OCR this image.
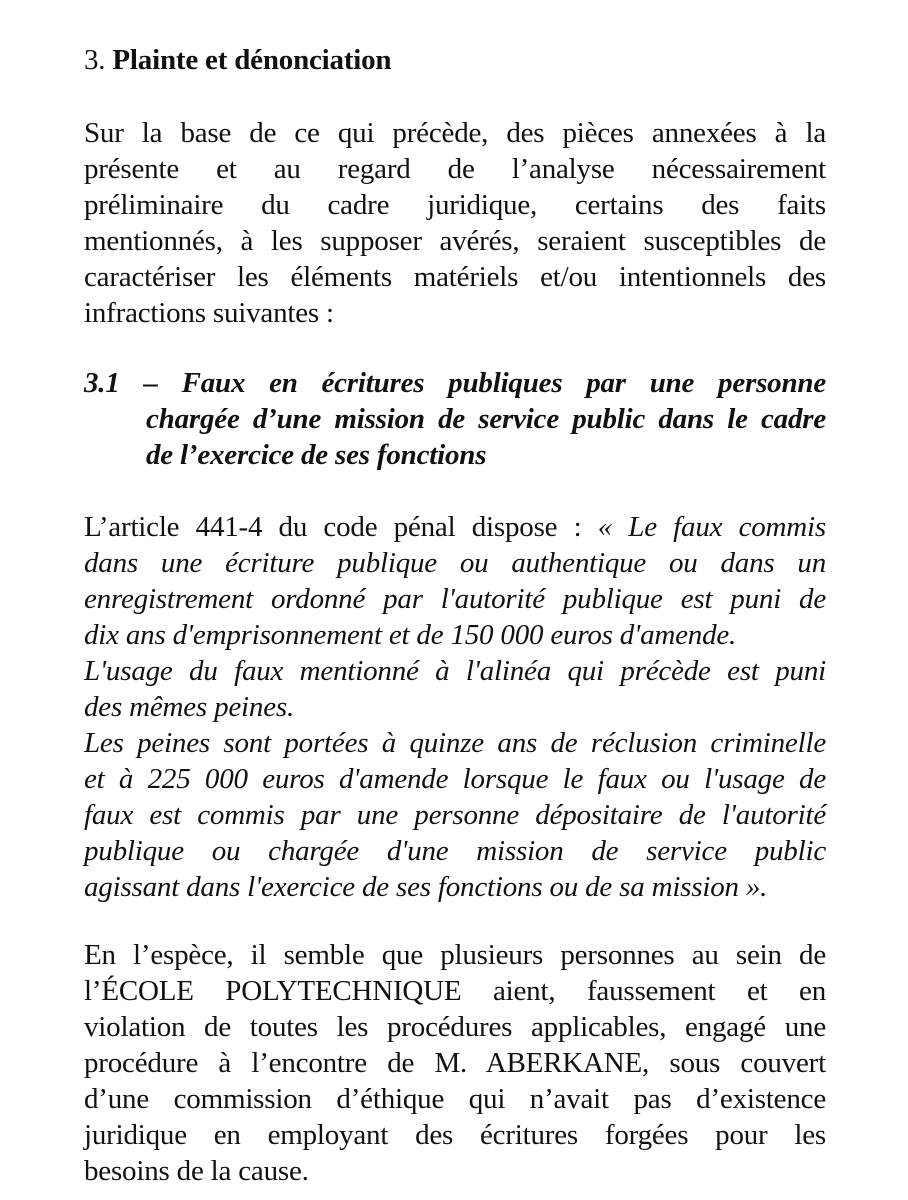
3. Plainte et dénonciation
Sur la base de ce qui précède, des pièces annexées à la
présente et au regard de l’analyse nécessairement
préliminaire du cadre juridique, certains des faits
mentionnés, à les supposer avérés, seraient susceptibles de
caractériser les éléments matériels et/ou intentionnels des
infractions suivantes :
3.1 – Faux en écritures publiques par une personne
chargée d’une mission de service public dans le cadre
de l’exercice de ses fonctions
L’article 441-4 du code pénal dispose : « Le faux commis
dans une écriture publique ou authentique ou dans un
enregistrement ordonné par l'autorité publique est puni de
dix ans d'emprisonnement et de 150 000 euros d'amende.
L'usage du faux mentionné à l'alinéa qui précède est puni
des mêmes peines.
Les peines sont portées à quinze ans de réclusion criminelle
et à 225 000 euros d'amende lorsque le faux ou l'usage de
faux est commis par une personne dépositaire de l'autorité
publique ou chargée d'une mission de service public
agissant dans l'exercice de ses fonctions ou de sa mission ».
En l’espèce, il semble que plusieurs personnes au sein de
l’ÉCOLE POLYTECHNIQUE aient, faussement et en
violation de toutes les procédures applicables, engagé une
procédure à l’encontre de M. ABERKANE, sous couvert
d’une commission d’éthique qui n’avait pas d’existence
juridique en employant des écritures forgées pour les
besoins de la cause.
